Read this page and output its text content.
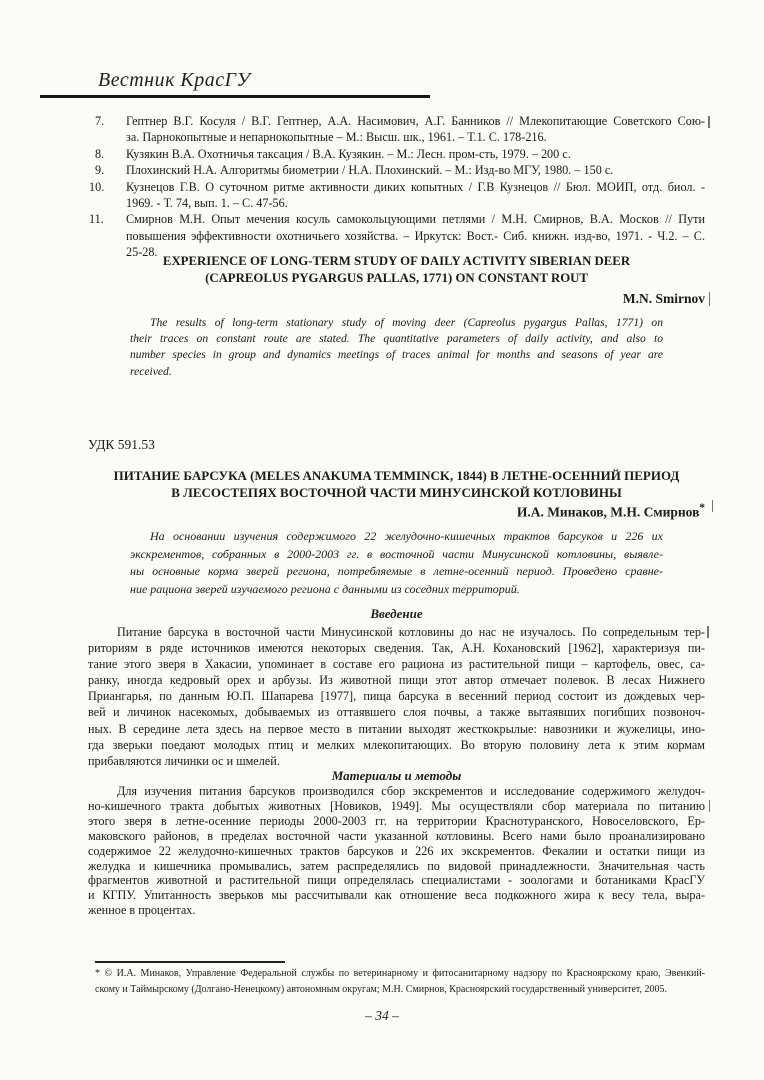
Вестник КрасГУ
7.	Гептнер В.Г. Косуля / В.Г. Гептнер, А.А. Насимович, А.Г. Банников // Млекопитающие Советского Сою-
за. Парнокопытные и непарнокопытные – М.: Высш. шк., 1961. – Т.1. С. 178-216.
8.	Кузякин В.А. Охотничья таксация / В.А. Кузякин. – М.: Лесн. пром-сть, 1979. – 200 с.
9.	Плохинский Н.А. Алгоритмы биометрии / Н.А. Плохинский. – М.: Изд-во МГУ, 1980. – 150 с.
10.	Кузнецов Г.В. О суточном ритме активности диких копытных / Г.В Кузнецов // Бюл. МОИП, отд. биол. -
1969. - Т. 74, вып. 1. – С. 47-56.
11.	Смирнов М.Н. Опыт мечения косуль самокольцующими петлями / М.Н. Смирнов, В.А. Москов // Пути
повышения эффективности охотничьего хозяйства. – Иркутск: Вост.- Сиб. книжн. изд-во, 1971. - Ч.2. – С.
25-28.
EXPERIENCE OF LONG-TERM STUDY OF DAILY ACTIVITY SIBERIAN DEER
(CAPREOLUS PYGARGUS PALLAS, 1771) ON CONSTANT ROUT
M.N. Smirnov
The results of long-term stationary study of moving deer (Capreolus pygargus Pallas, 1771) on
their traces on constant route are stated. The quantitative parameters of daily activity, and also to
number species in group and dynamics meetings of traces animal for months and seasons of year are
received.
УДК 591.53
ПИТАНИЕ БАРСУКА (MELES ANAKUMA TEMMINCK, 1844) В ЛЕТНЕ-ОСЕННИЙ ПЕРИОД
В ЛЕСОСТЕПЯХ ВОСТОЧНОЙ ЧАСТИ МИНУСИНСКОЙ КОТЛОВИНЫ
И.А. Минаков, М.Н. Смирнов*
На основании изучения содержимого 22 желудочно-кишечных трактов барсуков и 226 их
экскрементов, собранных в 2000-2003 гг. в восточной части Минусинской котловины, выявле-
ны основные корма зверей региона, потребляемые в летне-осенний период. Проведено сравне-
ние рациона зверей изучаемого региона с данными из соседних территорий.
Введение
Питание барсука в восточной части Минусинской котловины до нас не изучалось. По сопредельным тер-
риториям в ряде источников имеются некоторых сведения. Так, А.Н. Кохановский [1962], характеризуя пи-
тание этого зверя в Хакасии, упоминает в составе его рациона из растительной пищи – картофель, овес, са-
ранку, иногда кедровый орех и арбузы. Из животной пищи этот автор отмечает полевок. В лесах Нижнего
Приангарья, по данным Ю.П. Шапарева [1977], пища барсука в весенний период состоит из дождевых чер-
вей и личинок насекомых, добываемых из оттаявшего слоя почвы, а также вытаявших погибших позвоноч-
ных. В середине лета здесь на первое место в питании выходят жесткокрылые: навозники и жужелицы, ино-
гда зверьки поедают молодых птиц и мелких млекопитающих. Во вторую половину лета к этим кормам
прибавляются личинки ос и шмелей.
Материалы и методы
Для изучения питания барсуков производился сбор экскрементов и исследование содержимого желудоч-
но-кишечного тракта добытых животных [Новиков, 1949]. Мы осуществляли сбор материала по питанию
этого зверя в летне-осенние периоды 2000-2003 гг. на территории Краснотуранского, Новоселовского, Ер-
маковского районов, в пределах восточной части указанной котловины. Всего нами было проанализировано
содержимое 22 желудочно-кишечных трактов барсуков и 226 их экскрементов. Фекалии и остатки пищи из
желудка и кишечника промывались, затем распределялись по видовой принадлежности. Значительная часть
фрагментов животной и растительной пищи определялась специалистами - зоологами и ботаниками КрасГУ
и КГПУ. Упитанность зверьков мы рассчитывали как отношение веса подкожного жира к весу тела, выра-
женное в процентах.
* © И.А. Минаков, Управление Федеральной службы по ветеринарному и фитосанитарному надзору по Красноярскому краю, Эвенкий-
скому и Таймырскому (Долгано-Ненецкому) автономным округам; М.Н. Смирнов, Красноярский государственный университет, 2005.
– 34 –
